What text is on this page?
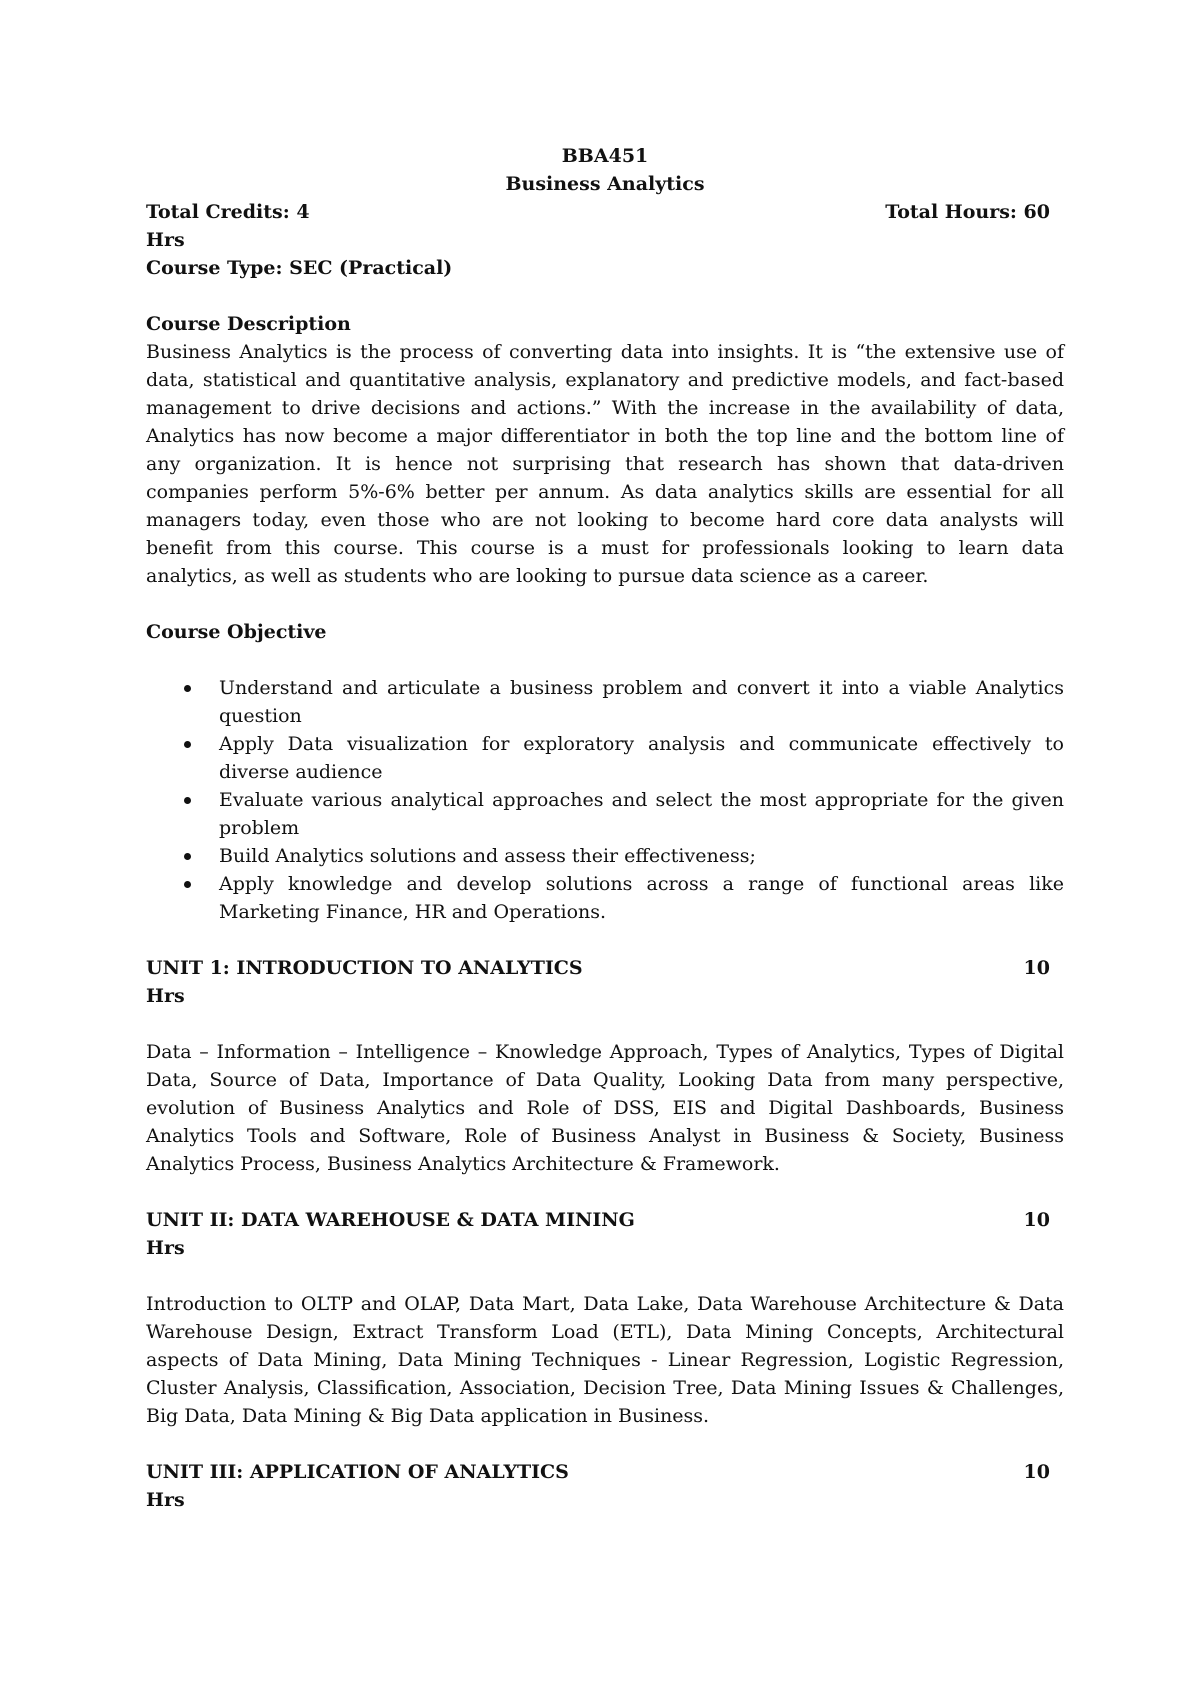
BBA451
Business Analytics
Total Credits: 4	Total Hours: 60
Hrs
Course Type: SEC (Practical)
Course Description
Business Analytics is the process of converting data into insights. It is “the extensive use of data, statistical and quantitative analysis, explanatory and predictive models, and fact-based management to drive decisions and actions.” With the increase in the availability of data, Analytics has now become a major differentiator in both the top line and the bottom line of any organization. It is hence not surprising that research has shown that data-driven companies perform 5%-6% better per annum. As data analytics skills are essential for all managers today, even those who are not looking to become hard core data analysts will benefit from this course. This course is a must for professionals looking to learn data analytics, as well as students who are looking to pursue data science as a career.
Course Objective
Understand and articulate a business problem and convert it into a viable Analytics question
Apply Data visualization for exploratory analysis and communicate effectively to diverse audience
Evaluate various analytical approaches and select the most appropriate for the given problem
Build Analytics solutions and assess their effectiveness;
Apply knowledge and develop solutions across a range of functional areas like Marketing Finance, HR and Operations.
UNIT 1: INTRODUCTION TO ANALYTICS	10
Hrs
Data – Information – Intelligence – Knowledge Approach, Types of Analytics, Types of Digital Data, Source of Data, Importance of Data Quality, Looking Data from many perspective, evolution of Business Analytics and Role of DSS, EIS and Digital Dashboards, Business Analytics Tools and Software, Role of Business Analyst in Business & Society, Business Analytics Process, Business Analytics Architecture & Framework.
UNIT II: DATA WAREHOUSE & DATA MINING	10
Hrs
Introduction to OLTP and OLAP, Data Mart, Data Lake, Data Warehouse Architecture & Data Warehouse Design, Extract Transform Load (ETL), Data Mining Concepts, Architectural aspects of Data Mining, Data Mining Techniques - Linear Regression, Logistic Regression, Cluster Analysis, Classification, Association, Decision Tree, Data Mining Issues & Challenges, Big Data, Data Mining & Big Data application in Business.
UNIT III: APPLICATION OF ANALYTICS	10
Hrs
